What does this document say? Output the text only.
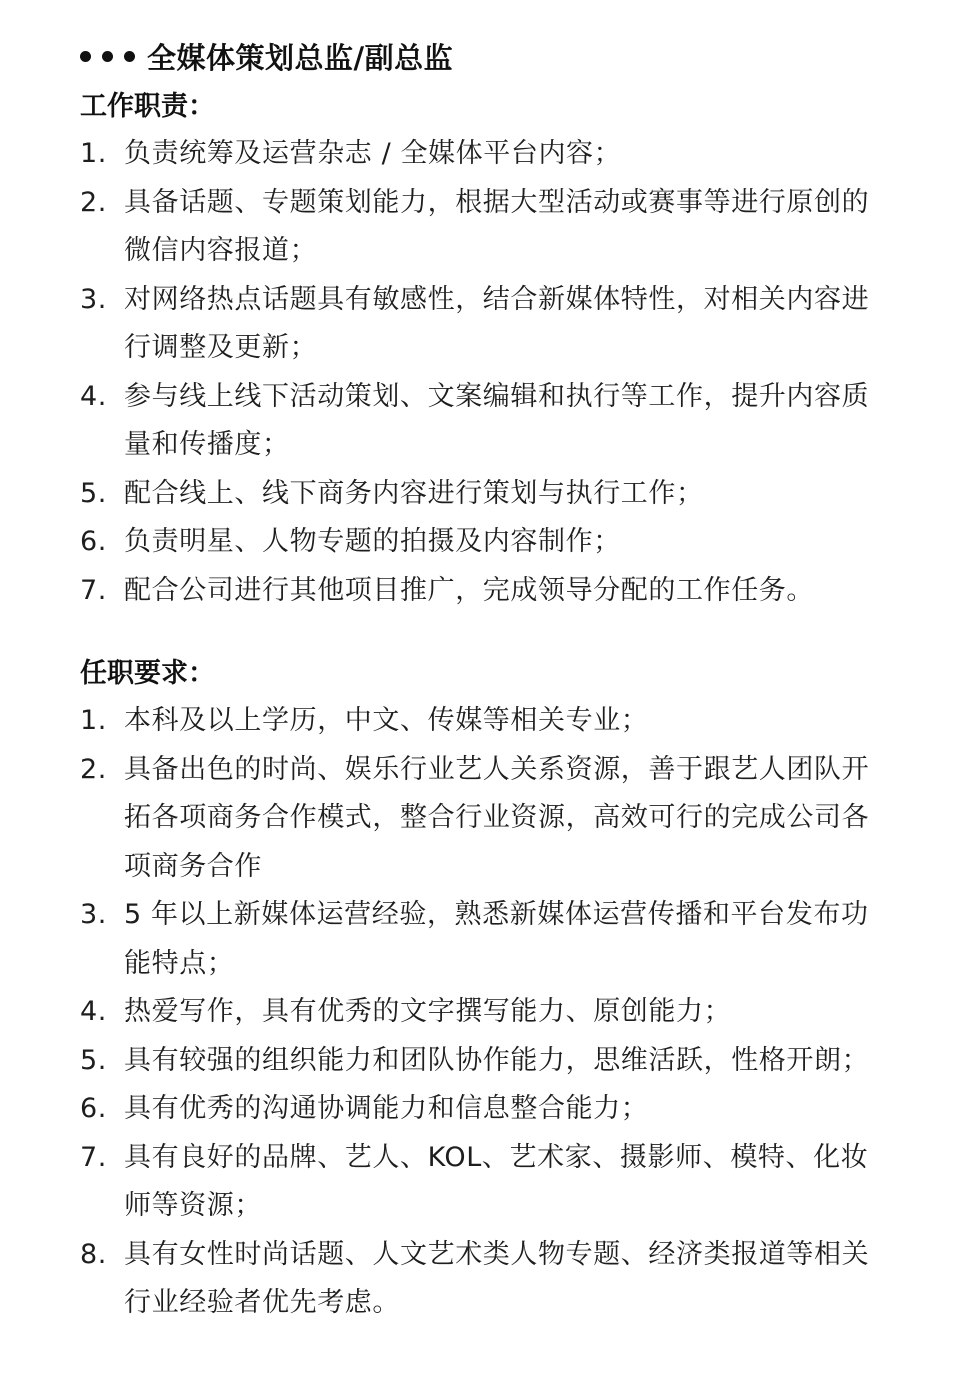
全媒体策划总监/副总监
工作职责：
1. 负责统筹及运营杂志 / 全媒体平台内容；
2. 具备话题、专题策划能力，根据大型活动或赛事等进行原创的微信内容报道；
3. 对网络热点话题具有敏感性，结合新媒体特性，对相关内容进行调整及更新；
4. 参与线上线下活动策划、文案编辑和执行等工作，提升内容质量和传播度；
5. 配合线上、线下商务内容进行策划与执行工作；
6. 负责明星、人物专题的拍摄及内容制作；
7. 配合公司进行其他项目推广，完成领导分配的工作任务。
任职要求：
1. 本科及以上学历，中文、传媒等相关专业；
2. 具备出色的时尚、娱乐行业艺人关系资源，善于跟艺人团队开拓各项商务合作模式，整合行业资源，高效可行的完成公司各项商务合作
3. 5 年以上新媒体运营经验，熟悉新媒体运营传播和平台发布功能特点；
4. 热爱写作，具有优秀的文字撰写能力、原创能力；
5. 具有较强的组织能力和团队协作能力，思维活跃，性格开朗；
6. 具有优秀的沟通协调能力和信息整合能力；
7. 具有良好的品牌、艺人、KOL、艺术家、摄影师、模特、化妆师等资源；
8. 具有女性时尚话题、人文艺术类人物专题、经济类报道等相关行业经验者优先考虑。
